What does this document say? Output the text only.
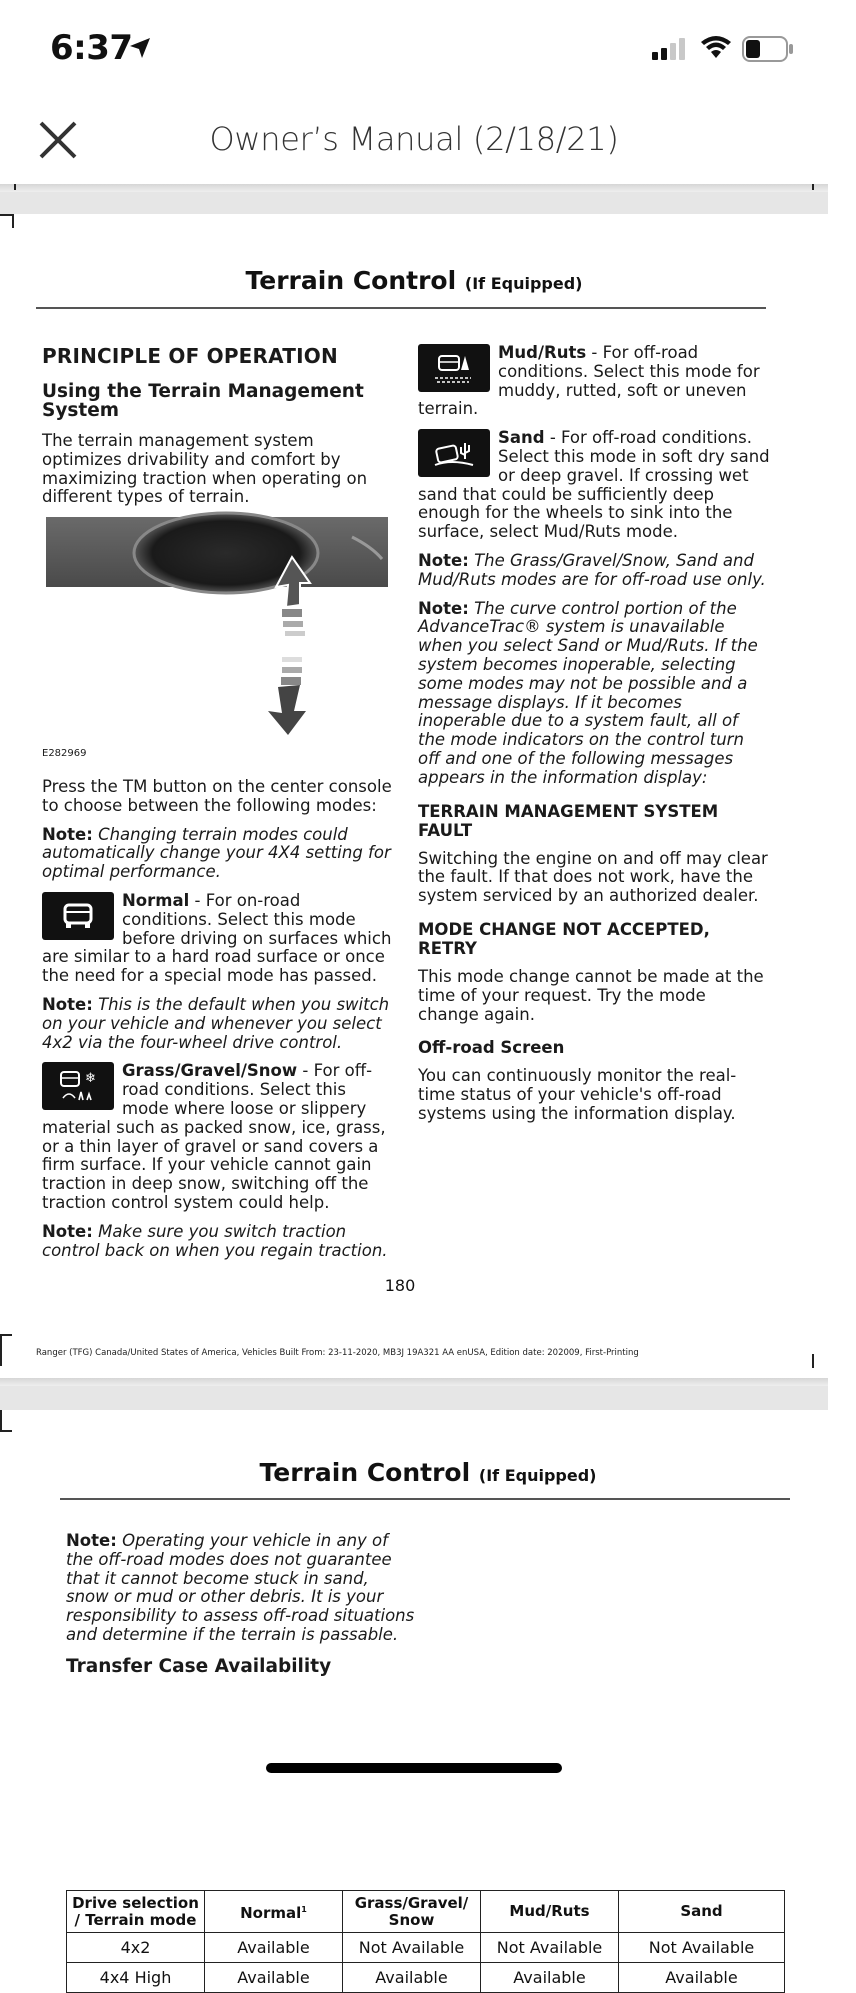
6:37
Owner’s Manual (2/18/21)
Terrain Control (If Equipped)
PRINCIPLE OF OPERATION
Using the Terrain Management System

The terrain management system optimizes drivability and comfort by maximizing traction when operating on different types of terrain.

E282969

Press the TM button on the center console to choose between the following modes:

Note: Changing terrain modes could automatically change your 4X4 setting for optimal performance.

Normal - For on-road conditions. Select this mode before driving on surfaces which are similar to a hard road surface or once the need for a special mode has passed.

Note: This is the default when you switch on your vehicle and whenever you select 4x2 via the four-wheel drive control.

❄ Grass/Gravel/Snow - For off-road conditions. Select this mode where loose or slippery material such as packed snow, ice, grass, or a thin layer of gravel or sand covers a firm surface. If your vehicle cannot gain traction in deep snow, switching off the traction control system could help.

Note: Make sure you switch traction control back on when you regain traction.

Mud/Ruts - For off-road conditions. Select this mode for muddy, rutted, soft or uneven terrain.

Sand - For off-road conditions. Select this mode in soft dry sand or deep gravel. If crossing wet sand that could be sufficiently deep enough for the wheels to sink into the surface, select Mud/Ruts mode.

Note: The Grass/Gravel/Snow, Sand and Mud/Ruts modes are for off-road use only.

Note: The curve control portion of the AdvanceTrac® system is unavailable when you select Sand or Mud/Ruts. If the system becomes inoperable, selecting some modes may not be possible and a message displays. If it becomes inoperable due to a system fault, all of the mode indicators on the control turn off and one of the following messages appears in the information display:

TERRAIN MANAGEMENT SYSTEM FAULT

Switching the engine on and off may clear the fault. If that does not work, have the system serviced by an authorized dealer.

MODE CHANGE NOT ACCEPTED, RETRY

This mode change cannot be made at the time of your request. Try the mode change again.

Off-road Screen

You can continuously monitor the real-time status of your vehicle's off-road systems using the information display.

180
Ranger (TFG) Canada/United States of America, Vehicles Built From: 23-11-2020, MB3J 19A321 AA enUSA, Edition date: 202009, First-Printing
Terrain Control (If Equipped)

Note: Operating your vehicle in any of the off-road modes does not guarantee that it cannot become stuck in sand, snow or mud or other debris. It is your responsibility to assess off-road situations and determine if the terrain is passable.

Transfer Case Availability
Drive selection / Terrain mode	Normal$^1$	Grass/Gravel/ Snow	Mud/Ruts	Sand
4x2	Available	Not Available	Not Available	Not Available
4x4 High	Available	Available	Available	Available
